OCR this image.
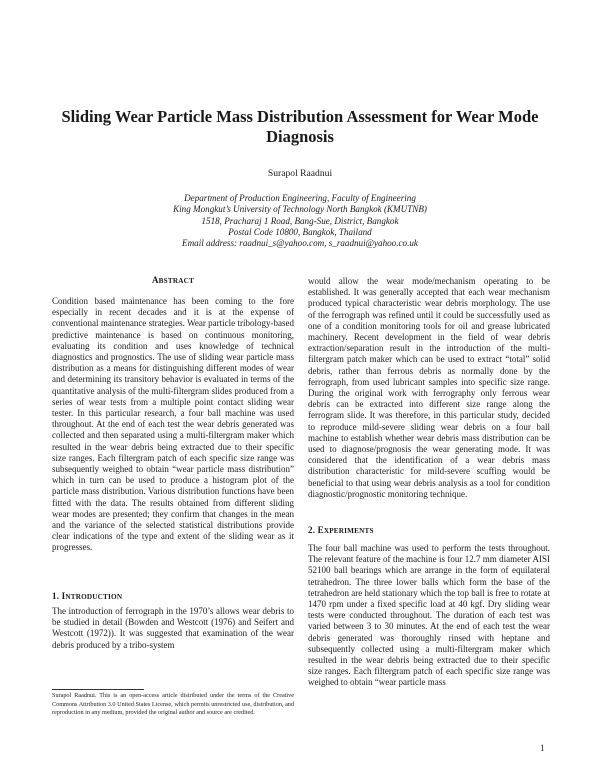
Sliding Wear Particle Mass Distribution Assessment for Wear Mode Diagnosis
Surapol Raadnui
Department of Production Engineering, Faculty of Engineering
King Mongkut’s University of Technology North Bangkok (KMUTNB)
1518, Pracharaj 1 Road, Bang-Sue, District, Bangkok
Postal Code 10800, Bangkok, Thailand
Email address: raadnui_s@yahoo.com, s_raadnui@yahoo.co.uk
ABSTRACT

Condition based maintenance has been coming to the fore especially in recent decades and it is at the expense of conventional maintenance strategies. Wear particle tribology-based predictive maintenance is based on continuous monitoring, evaluating its condition and uses knowledge of technical diagnostics and prognostics. The use of sliding wear particle mass distribution as a means for distinguishing different modes of wear and determining its transitory behavior is evaluated in terms of the quantitative analysis of the multi-filtergram slides produced from a series of wear tests from a multiple point contact sliding wear tester. In this particular research, a four ball machine was used throughout. At the end of each test the wear debris generated was collected and then separated using a multi-filtergram maker which resulted in the wear debris being extracted due to their specific size ranges. Each filtergram patch of each specific size range was subsequently weighed to obtain “wear particle mass distribution” which in turn can be used to produce a histogram plot of the particle mass distribution. Various distribution functions have been fitted with the data. The results obtained from different sliding wear modes are presented; they confirm that changes in the mean and the variance of the selected statistical distributions provide clear indications of the type and extent of the sliding wear as it progresses.

1. INTRODUCTION

The introduction of ferrograph in the 1970’s allows wear debris to be studied in detail (Bowden and Westcott (1976) and Seifert and Westcott (1972)). It was suggested that examination of the wear debris produced by a tribo-system

Surapol Raadnui. This is an open-access article distributed under the terms of the Creative Commons Attribution 3.0 United States License, which permits unrestricted use, distribution, and reproduction in any medium, provided the original author and source are credited.

would allow the wear mode/mechanism operating to be established. It was generally accepted that each wear mechanism produced typical characteristic wear debris morphology. The use of the ferrograph was refined until it could be successfully used as one of a condition monitoring tools for oil and grease lubricated machinery. Recent development in the field of wear debris extraction/separation result in the introduction of the multi-filtergram patch maker which can be used to extract “total” solid debris, rather than ferrous debris as normally done by the ferrograph, from used lubricant samples into specific size range. During the original work with ferrography only ferrous wear debris can be extracted into different size range along the ferrogram slide. It was therefore, in this particular study, decided to reproduce mild-severe sliding wear debris on a four ball machine to establish whether wear debris mass distribution can be used to diagnose/prognosis the wear generating mode. It was considered that the identification of a wear debris mass distribution characteristic for mild-severe scuffing would be beneficial to that using wear debris analysis as a tool for condition diagnostic/prognostic monitoring technique.

2. EXPERIMENTS

The four ball machine was used to perform the tests throughout. The relevant feature of the machine is four 12.7 mm diameter AISI 52100 ball bearings which are arrange in the form of equilateral tetrahedron. The three lower balls which form the base of the tetrahedron are held stationary which the top ball is free to rotate at 1470 rpm under a fixed specific load at 40 kgf. Dry sliding wear tests were conducted throughout. The duration of each test was varied between 3 to 30 minutes. At the end of each test the wear debris generated was thoroughly rinsed with heptane and subsequently collected using a multi-filtergram maker which resulted in the wear debris being extracted due to their specific size ranges. Each filtergram patch of each specific size range was weighed to obtain “wear particle mass

1
